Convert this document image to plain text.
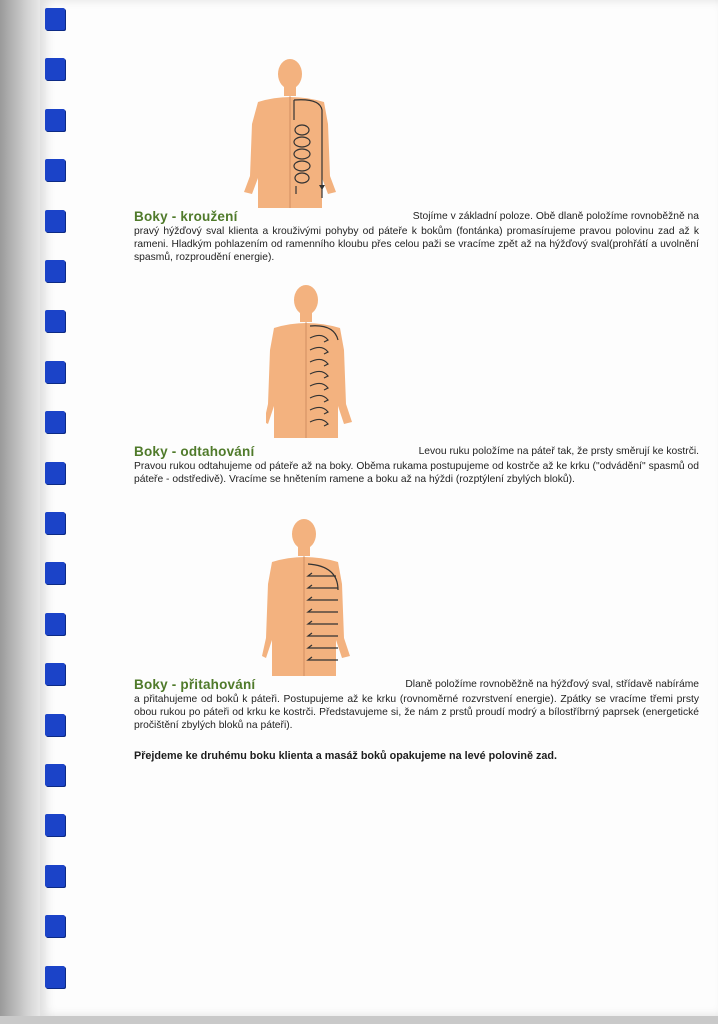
Boky - kroužení	Stojíme v základní poloze. Obě dlaně položíme rovnoběžně na

pravý hýžďový sval klienta a krouživými pohyby od páteře k bokům (fontánka) promasírujeme pravou polovinu zad až k rameni. Hladkým pohlazením od ramenního kloubu přes celou paži se vracíme zpět až na hýžďový sval(prohřátí a uvolnění spasmů, rozproudění energie).

Boky - odtahování	Levou ruku položíme na páteř tak, že prsty směrují ke kostrči.

Pravou rukou odtahujeme od páteře až na boky. Oběma rukama postupujeme od kostrče až ke krku ("odvádění" spasmů od páteře - odstředivě). Vracíme se hnětením ramene a boku až na hýždi (rozptýlení zbylých bloků).

Boky - přitahování	Dlaně položíme rovnoběžně na hýžďový sval, střídavě nabíráme

a přitahujeme od boků k páteři. Postupujeme až ke krku (rovnoměrné rozvrstvení energie). Zpátky se vracíme třemi prsty obou rukou po páteři od krku ke kostrči. Představujeme si, že nám z prstů proudí modrý a bílostříbrný paprsek (energetické pročištění zbylých bloků na páteři).

Přejdeme ke druhému boku klienta a masáž boků opakujeme na levé polovině zad.
